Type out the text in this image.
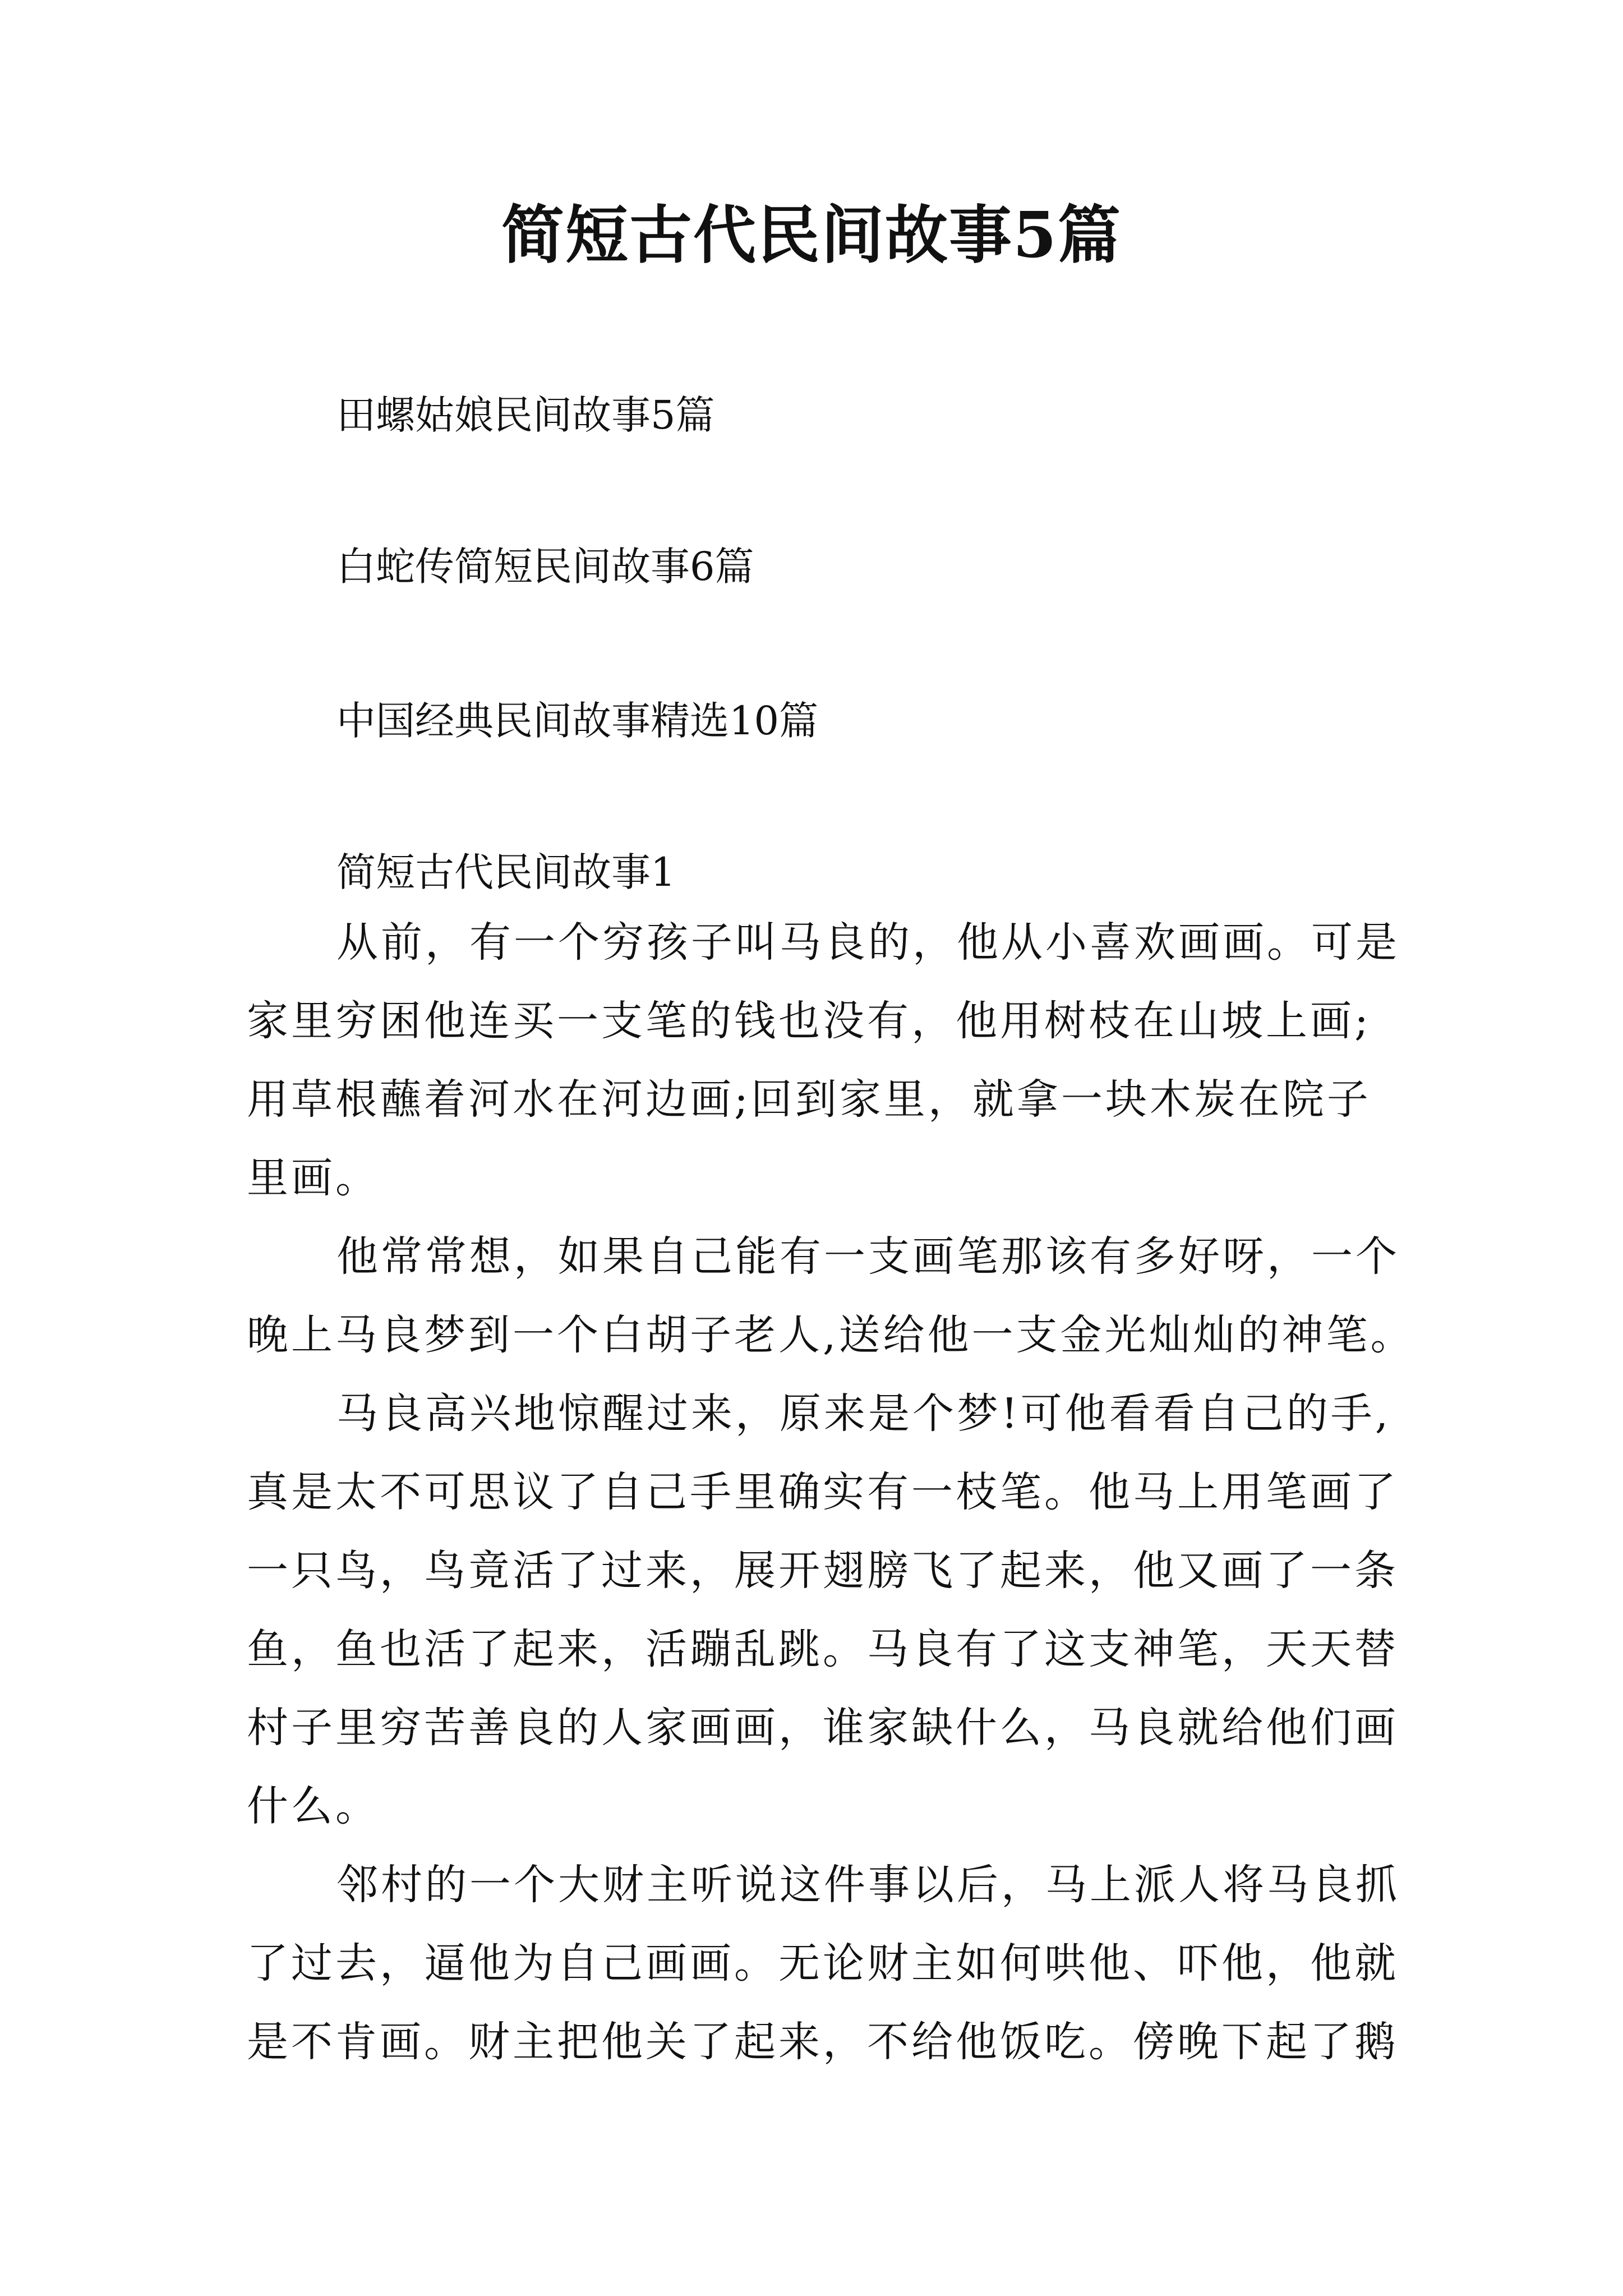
简短古代民间故事5篇

田螺姑娘民间故事5篇

白蛇传简短民间故事6篇

中国经典民间故事精选10篇

简短古代民间故事1

从前，有一个穷孩子叫马良的，他从小喜欢画画。可是

家里穷困他连买一支笔的钱也没有，他用树枝在山坡上画;

用草根蘸着河水在河边画;回到家里，就拿一块木炭在院子

里画。

他常常想，如果自己能有一支画笔那该有多好呀，一个

晚上马良梦到一个白胡子老人,送给他一支金光灿灿的神笔。

马良高兴地惊醒过来，原来是个梦!可他看看自己的手,

真是太不可思议了自己手里确实有一枝笔。他马上用笔画了

一只鸟，鸟竟活了过来，展开翅膀飞了起来，他又画了一条

鱼，鱼也活了起来，活蹦乱跳。马良有了这支神笔，天天替

村子里穷苦善良的人家画画，谁家缺什么，马良就给他们画

什么。

邻村的一个大财主听说这件事以后，马上派人将马良抓

了过去，逼他为自己画画。无论财主如何哄他、吓他，他就

是不肯画。财主把他关了起来，不给他饭吃。傍晚下起了鹅
